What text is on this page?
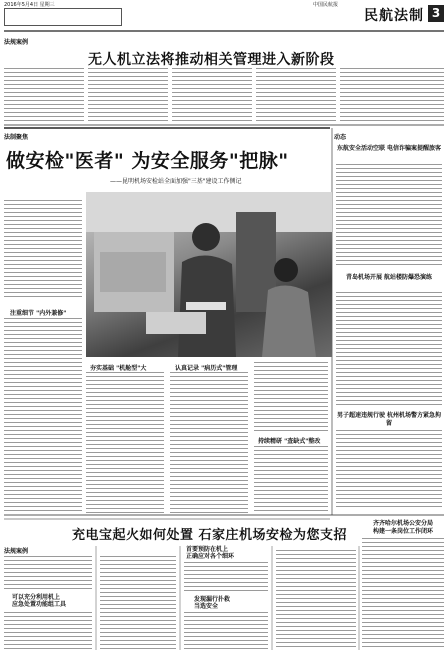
2016年5月4日 星期三
民航法制 3
法规案例
无人机立法将推动相关管理进入新阶段
法制聚焦
做安检"医者" 为安全服务"把脉"
——昆明机场安检站全面加强"三基"建设工作侧记
注重细节 "内外兼修"
夯实基础 "机舱型"大	认真记录 "病历式"管理
持续精研 "查缺式"整改
动态
东航安全活动空联 电信诈骗案提醒旅客
青岛机场开展 航站楼防爆恐演练
男子超速违规行驶 杭州机场警方紧急拘留
充电宝起火如何处置 石家庄机场安检为您支招
法规案例
可以充分利用机上
应急处置功能组工具
首要预防在机上
正确应对各个细环
发现漏行扑救
当选安全
齐齐哈尔机场公安分局
构建一条岗位工作闭环
中国民航报
